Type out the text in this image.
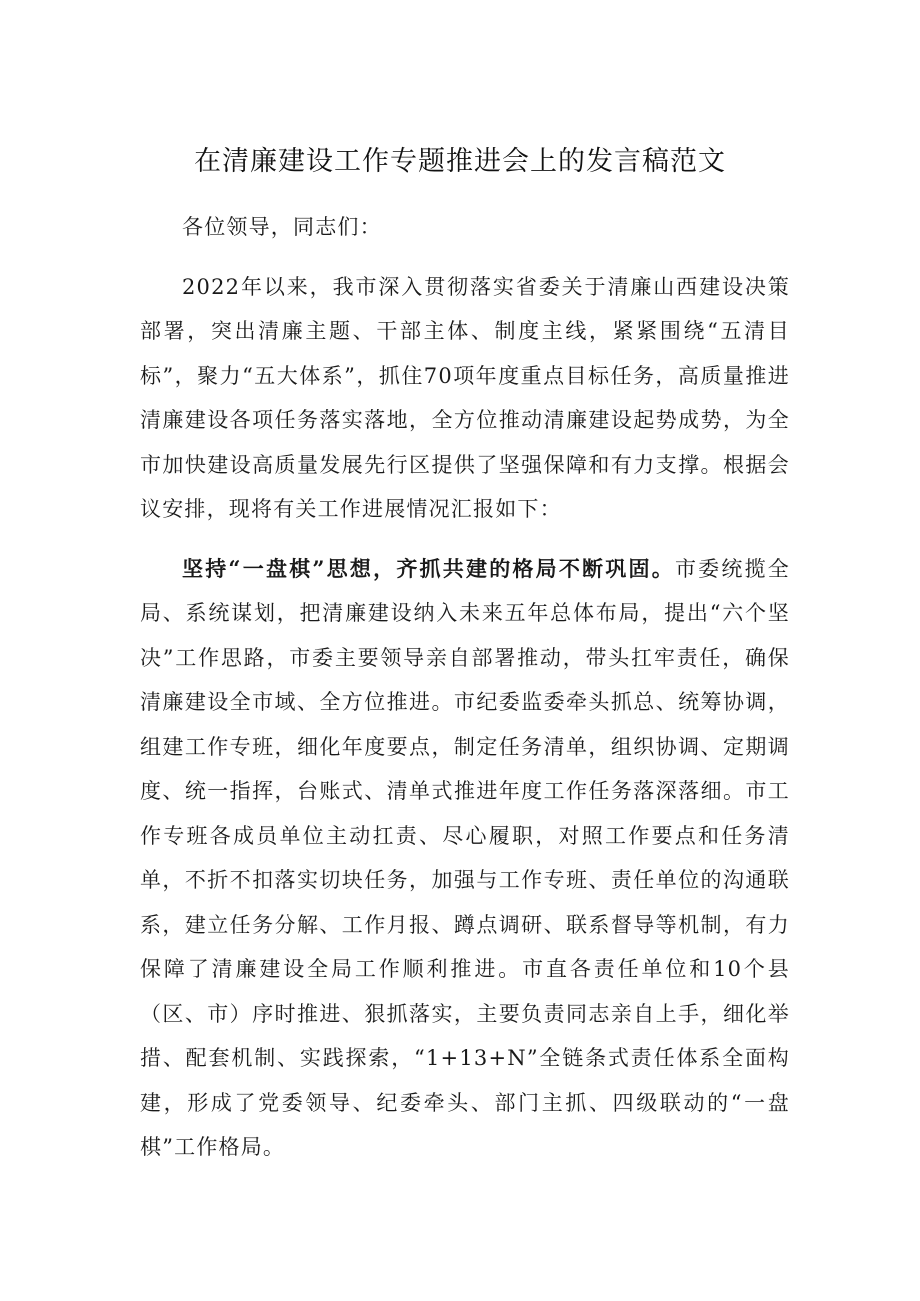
在清廉建设工作专题推进会上的发言稿范文

各位领导，同志们：

2022年以来，我市深入贯彻落实省委关于清廉山西建设决策部署，突出清廉主题、干部主体、制度主线，紧紧围绕“五清目标”，聚力“五大体系”，抓住70项年度重点目标任务，高质量推进清廉建设各项任务落实落地，全方位推动清廉建设起势成势，为全市加快建设高质量发展先行区提供了坚强保障和有力支撑。根据会议安排，现将有关工作进展情况汇报如下：

坚持“一盘棋”思想，齐抓共建的格局不断巩固。市委统揽全局、系统谋划，把清廉建设纳入未来五年总体布局，提出“六个坚决”工作思路，市委主要领导亲自部署推动，带头扛牢责任，确保清廉建设全市域、全方位推进。市纪委监委牵头抓总、统筹协调，组建工作专班，细化年度要点，制定任务清单，组织协调、定期调度、统一指挥，台账式、清单式推进年度工作任务落深落细。市工作专班各成员单位主动扛责、尽心履职，对照工作要点和任务清单，不折不扣落实切块任务，加强与工作专班、责任单位的沟通联系，建立任务分解、工作月报、蹲点调研、联系督导等机制，有力保障了清廉建设全局工作顺利推进。市直各责任单位和10个县（区、市）序时推进、狠抓落实，主要负责同志亲自上手，细化举措、配套机制、实践探索，“1+13+N”全链条式责任体系全面构建，形成了党委领导、纪委牵头、部门主抓、四级联动的“一盘棋”工作格局。
